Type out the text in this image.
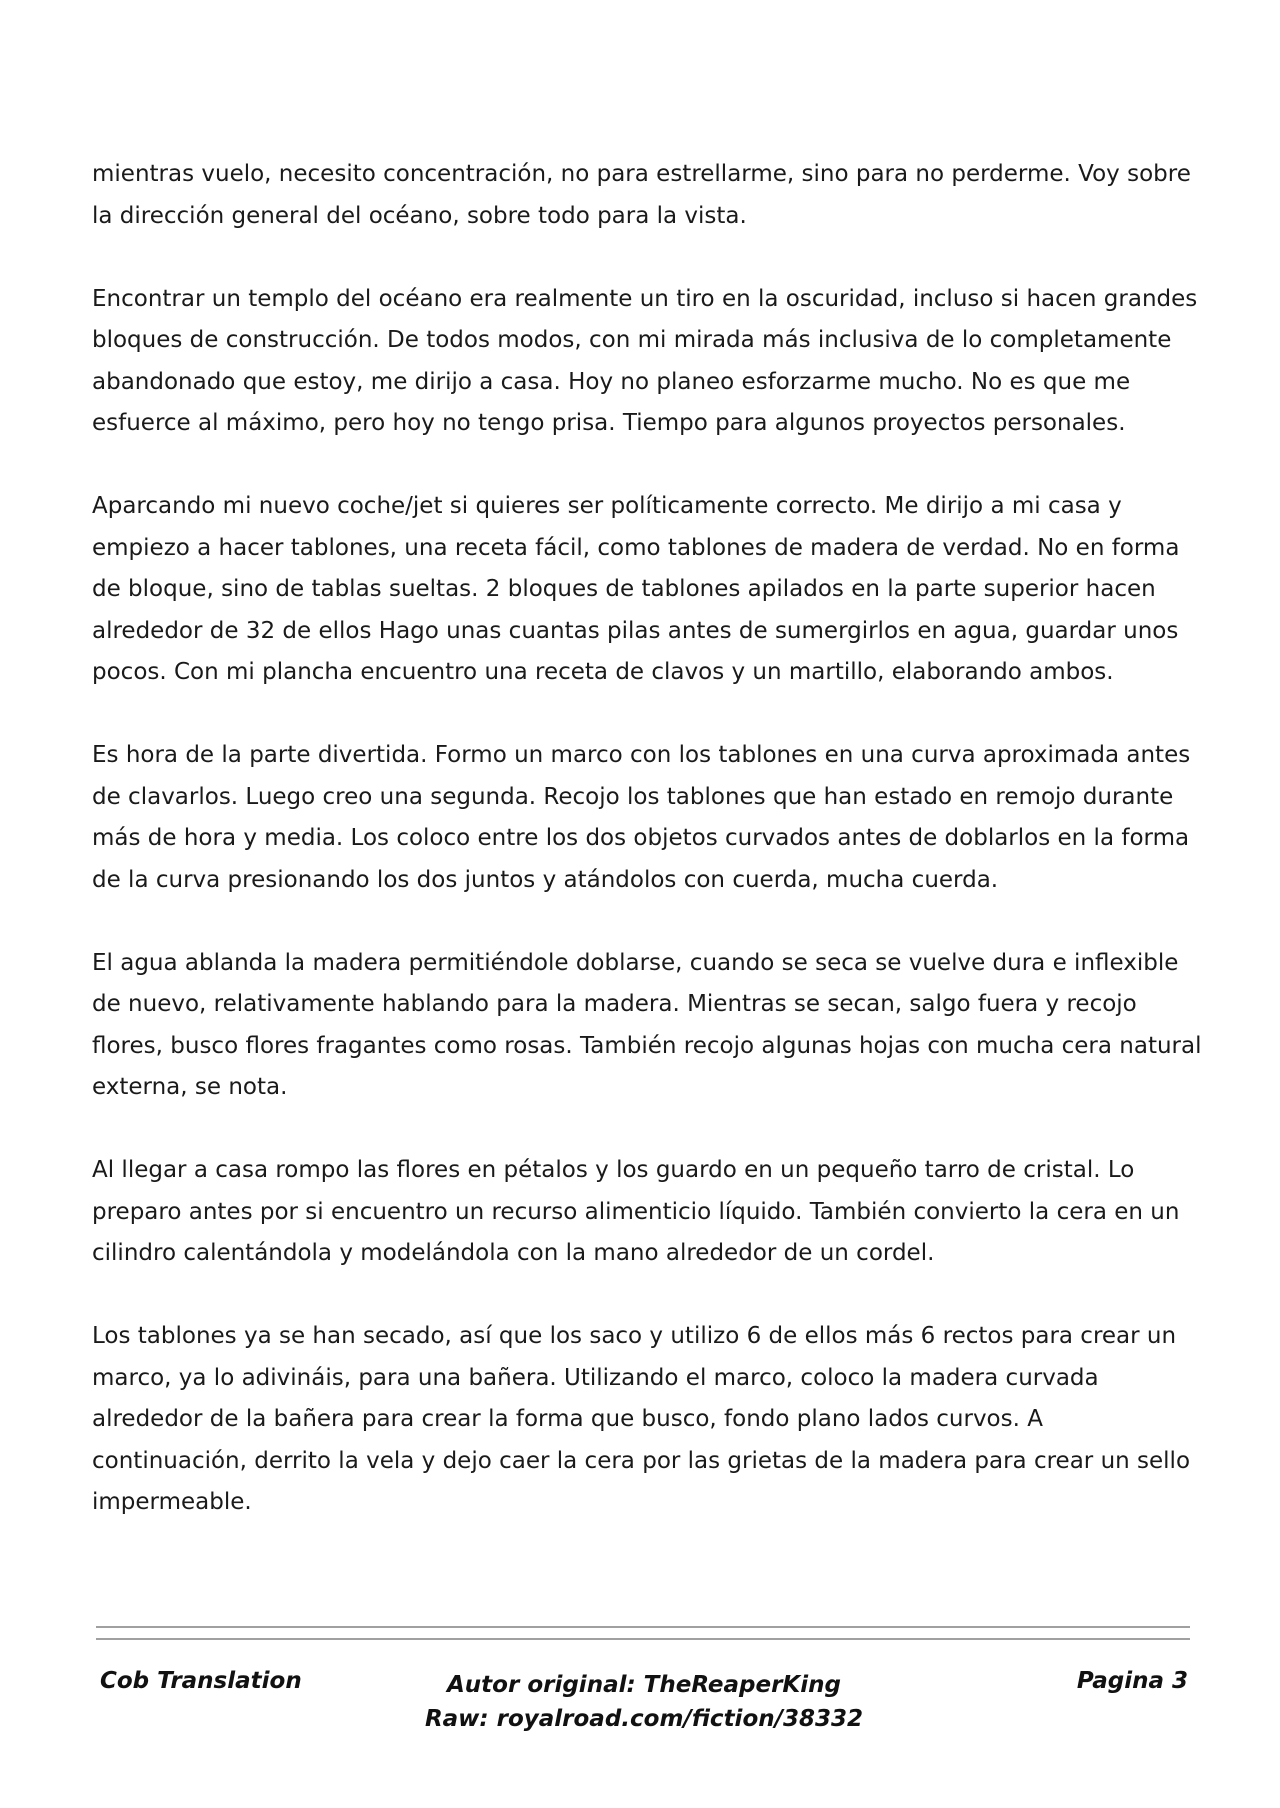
mientras vuelo, necesito concentración, no para estrellarme, sino para no perderme. Voy sobre la dirección general del océano, sobre todo para la vista.

Encontrar un templo del océano era realmente un tiro en la oscuridad, incluso si hacen grandes bloques de construcción. De todos modos, con mi mirada más inclusiva de lo completamente abandonado que estoy, me dirijo a casa. Hoy no planeo esforzarme mucho. No es que me esfuerce al máximo, pero hoy no tengo prisa. Tiempo para algunos proyectos personales.

Aparcando mi nuevo coche/jet si quieres ser políticamente correcto. Me dirijo a mi casa y empiezo a hacer tablones, una receta fácil, como tablones de madera de verdad. No en forma de bloque, sino de tablas sueltas. 2 bloques de tablones apilados en la parte superior hacen alrededor de 32 de ellos Hago unas cuantas pilas antes de sumergirlos en agua, guardar unos pocos. Con mi plancha encuentro una receta de clavos y un martillo, elaborando ambos.

Es hora de la parte divertida. Formo un marco con los tablones en una curva aproximada antes de clavarlos. Luego creo una segunda. Recojo los tablones que han estado en remojo durante más de hora y media. Los coloco entre los dos objetos curvados antes de doblarlos en la forma de la curva presionando los dos juntos y atándolos con cuerda, mucha cuerda.

El agua ablanda la madera permitiéndole doblarse, cuando se seca se vuelve dura e inflexible de nuevo, relativamente hablando para la madera. Mientras se secan, salgo fuera y recojo flores, busco flores fragantes como rosas. También recojo algunas hojas con mucha cera natural externa, se nota.

Al llegar a casa rompo las flores en pétalos y los guardo en un pequeño tarro de cristal. Lo preparo antes por si encuentro un recurso alimenticio líquido. También convierto la cera en un cilindro calentándola y modelándola con la mano alrededor de un cordel.

Los tablones ya se han secado, así que los saco y utilizo 6 de ellos más 6 rectos para crear un marco, ya lo adivináis, para una bañera. Utilizando el marco, coloco la madera curvada alrededor de la bañera para crear la forma que busco, fondo plano lados curvos. A continuación, derrito la vela y dejo caer la cera por las grietas de la madera para crear un sello impermeable.

Cob Translation	Autor original: TheReaperKing
Raw: royalroad.com/fiction/38332
Pagina 3
